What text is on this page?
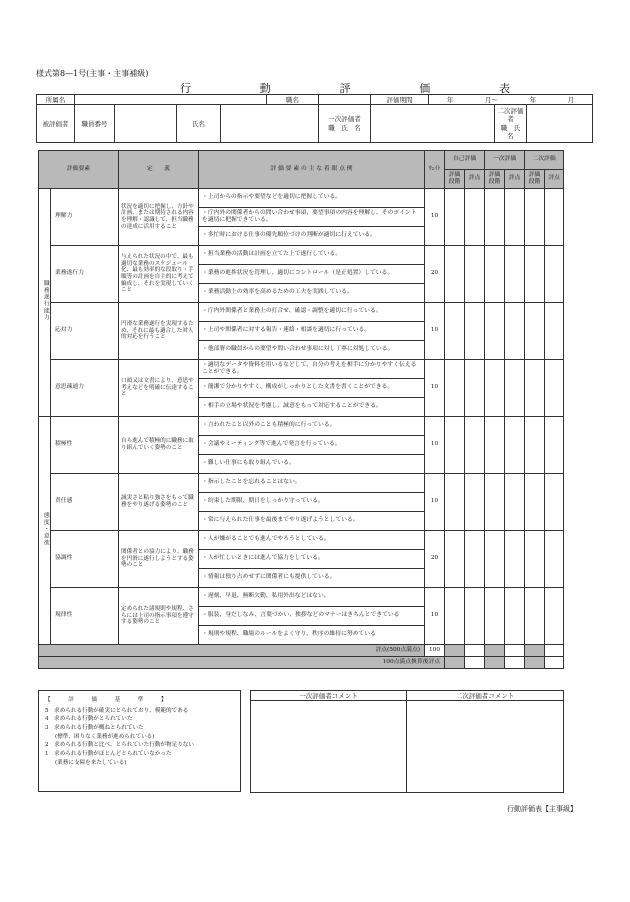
様式第8—1号(主事・主事補級)
行	動	評	価	表
所属名					職名		評価期間	年 月〜 年 月		

被評価者	職員番号		氏名			一次評価者
職　氏　名			二次評価者
職　氏　名	
評価要素		定　　義	評 価 要 素 の 主 な 着 眼 点 例	ｳｪｲﾄ	自己評価		一次評価		二次評価	
					評価段階	評点	評価段階	評点	評価段階	評点
職務遂行能力	理解力	状況を適切に把握し、方針や計画、または期待される内容を理解・認識して、担当職務の達成に活用すること	・上司からの指示や要望などを適切に把握している。	10						
			・庁内外の関係者からの問い合わせ事項、要望事項の内容を理解し、そのポイントを適切に把握できている。							
			・多忙時における仕事の優先順位づけの判断が適切に行えている。							
	業務遂行力	与えられた状況の中で、最も適切な業務のスケジュール化、最も効率的な段取り・手順等の計画を自主的に考えて編成し、それを実現していくこと	・担当業務の活動は計画を立てた上で遂行している。	20						
			・業務の進捗状況を管理し、適切にコントロール（是正処置）している。							
			・業務活動上の効率を高めるための工夫を実践している。							
	応対力	円滑な業務遂行を実現するため、それに最も適合した対人的対応を行うこと	・庁内外関係者と業務上の打合せ、確認・調整を適切に行っている。	10						
			・上司や関係者に対する報告・連絡・相談を適切に行っている。							
			・他部署の職員からの要望や問い合わせ事項に対し丁寧に対処している。							
	意思疎通力	口頭又は文書により、意思や考えなどを明確に伝達すること	・適切なデータや資料を用いるなどして、自分の考えを相手に分かりやすく伝えることができる。	10						
			・簡潔で分かりやすく、構成がしっかりとした文書を書くことができる。							
			・相手の立場や状況を考慮し、誠意をもって対応することができる。							
態度・意欲	積極性	自ら進んで積極的に職務に取り組んでいく姿勢のこと	・言われたこと以外のことも積極的に行っている。	10						
			・会議やミーティング等で進んで発言を行っている。							
			・難しい仕事にも取り組んでいる。							
	責任感	誠実さと粘り強さをもって職務をやり遂げる姿勢のこと	・指示したことを忘れることはない。	10						
			・約束した期限、期日をしっかり守っている。							
			・常に与えられた仕事を最後までやり遂げようとしている。							
	協調性	関係者との協力により、職務を円滑に遂行しようとする姿勢のこと	・人が嫌がることでも進んでやろうとしている。	20						
			・人が忙しいときには進んで協力をしている。							
			・情報は独り占めせずに関係者にも提供している。							
	規律性	定められた諸規則や規程、さらには上司の指示事項を遵守する姿勢のこと	・遅刻、早退、無断欠勤、私用外出などはない。	10						
			・服装、身だしなみ、言葉づかい、挨拶などのマナーはきちんとできている							
			・規則や規程、職場のルールをよく守り、秩序の維持に努めている							
評点(500点満点)				100						
100点満点換算後評点										
【　評　価　基　準　】
5　求められる行動が確実にとられており、模範的である
4　求められる行動がとられていた
3　求められる行動が概ねとられていた
(標準、困りなく業務が進められている)
2　求められる行動と比べ、とられていた行動が物足りない
1　求められる行動がほとんどとられていなかった
(業務に支障を来たしている)
一次評価者コメント	二次評価者コメント

行動評価表【主事級】
